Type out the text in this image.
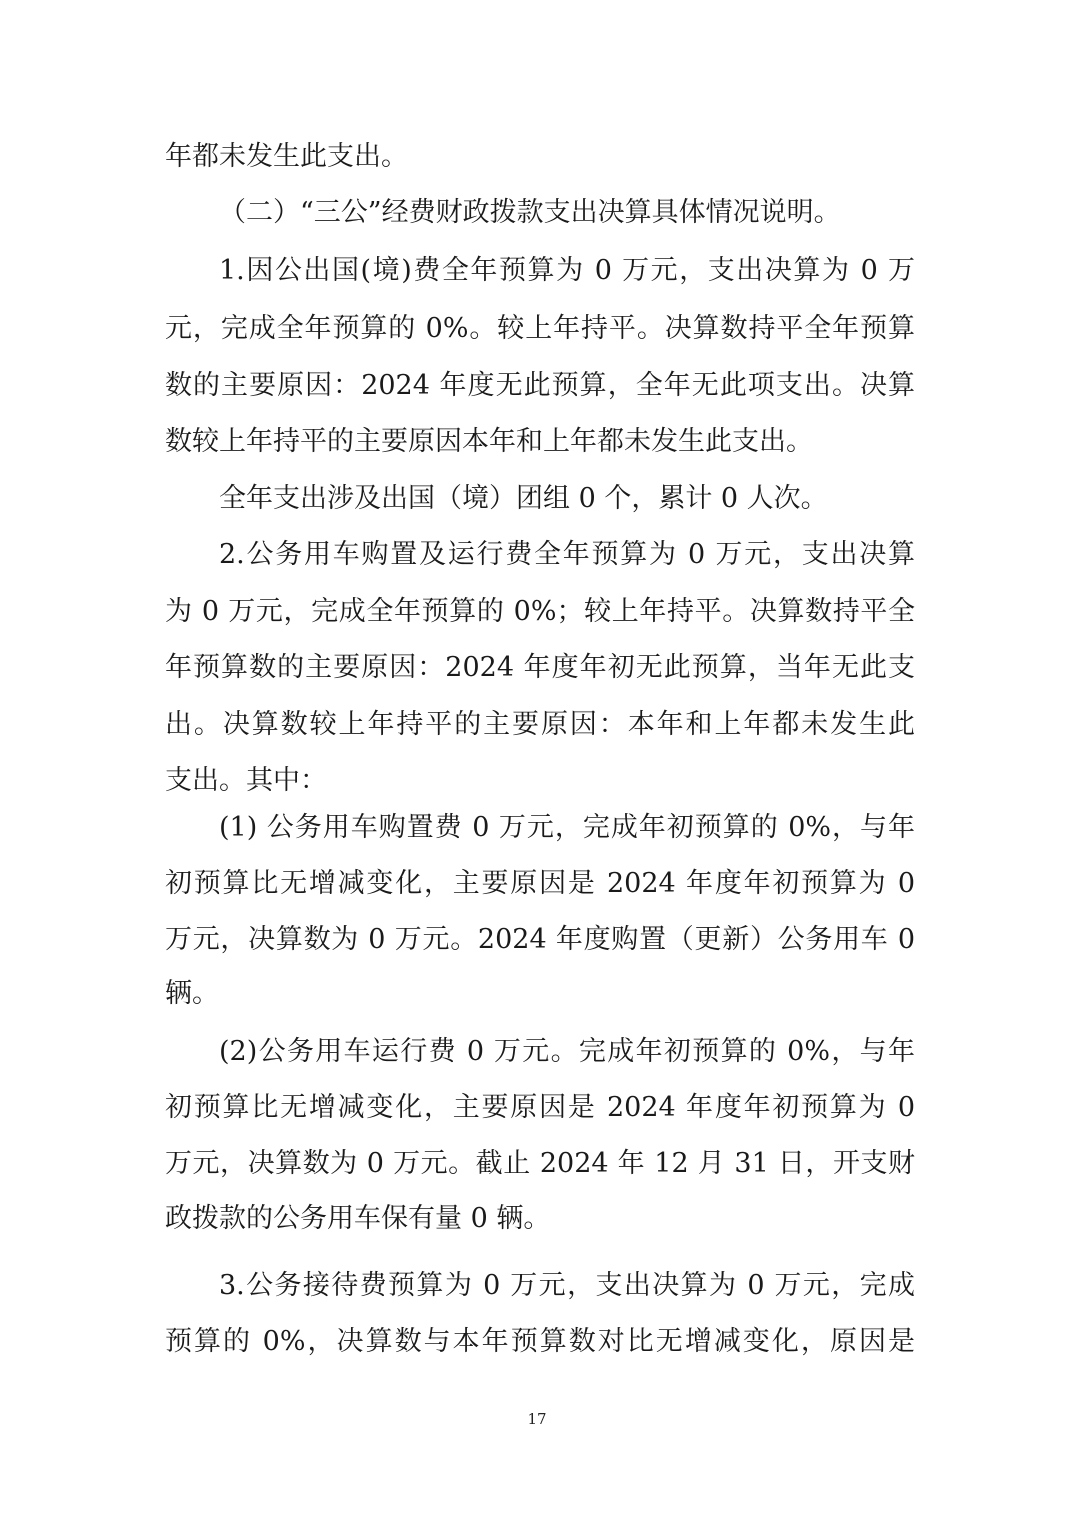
年都未发生此支出。
（二）“三公”经费财政拨款支出决算具体情况说明。
1.因公出国(境)费全年预算为 0 万元，支出决算为 0 万
元，完成全年预算的 0%。较上年持平。决算数持平全年预算
数的主要原因：2024 年度无此预算，全年无此项支出。决算
数较上年持平的主要原因本年和上年都未发生此支出。
全年支出涉及出国（境）团组 0 个，累计 0 人次。
2.公务用车购置及运行费全年预算为 0 万元，支出决算
为 0 万元，完成全年预算的 0%；较上年持平。决算数持平全
年预算数的主要原因：2024 年度年初无此预算，当年无此支
出。决算数较上年持平的主要原因：本年和上年都未发生此
支出。其中：
(1) 公务用车购置费 0 万元，完成年初预算的 0%，与年
初预算比无增减变化，主要原因是 2024 年度年初预算为 0
万元，决算数为 0 万元。2024 年度购置（更新）公务用车 0
辆。
(2)公务用车运行费 0 万元。完成年初预算的 0%，与年
初预算比无增减变化，主要原因是 2024 年度年初预算为 0
万元，决算数为 0 万元。截止 2024 年 12 月 31 日，开支财
政拨款的公务用车保有量 0 辆。
3.公务接待费预算为 0 万元，支出决算为 0 万元，完成
预算的 0%，决算数与本年预算数对比无增减变化，原因是
17
